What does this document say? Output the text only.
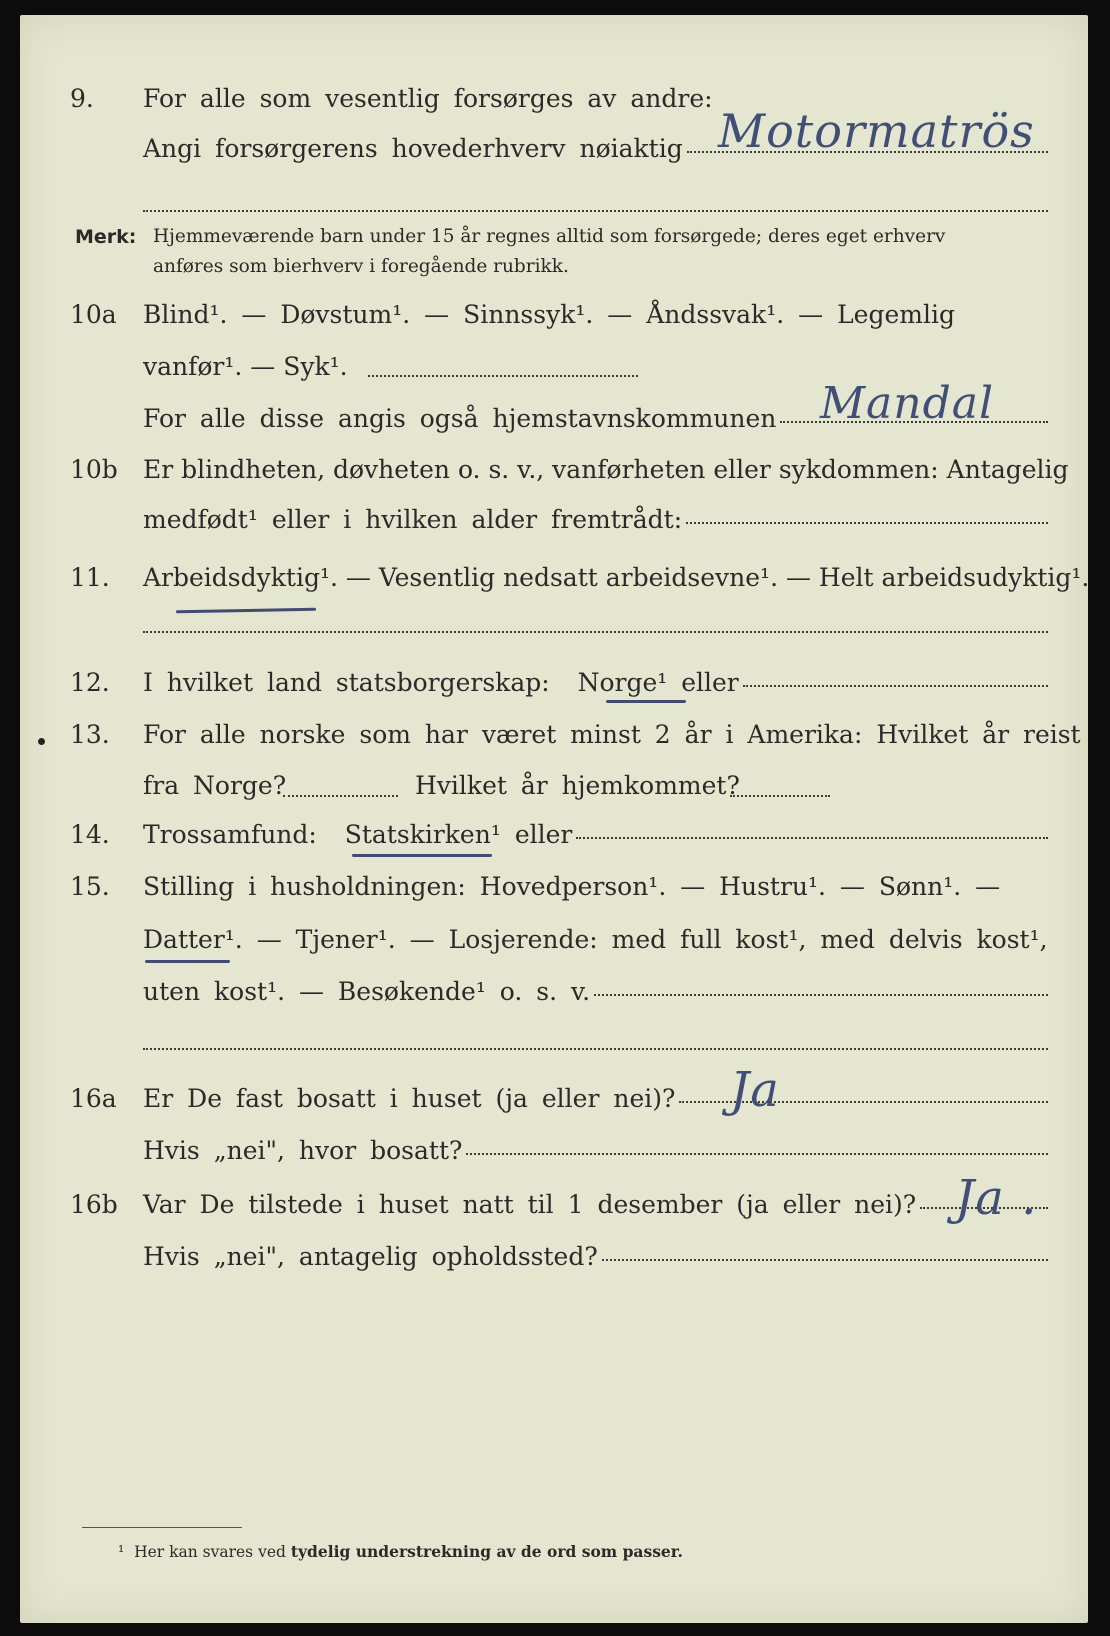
9. For alle som vesentlig forsørges av andre:
Angi forsørgerens hovederhverv nøiaktig Motormatrös
Merk: Hjemmeværende barn under 15 år regnes alltid som forsørgede; deres eget erhverv
anføres som bierhverv i foregående rubrikk.
10a Blind¹. — Døvstum¹. — Sinnssyk¹. — Åndssvak¹. — Legemlig
vanfør¹. — Syk¹.
For alle disse angis også hjemstavnskommunen Mandal
10b Er blindheten, døvheten o. s. v., vanførheten eller sykdommen: Antagelig
medfødt¹ eller i hvilken alder fremtrådt:
11. Arbeidsdyktig¹. — Vesentlig nedsatt arbeidsevne¹. — Helt arbeidsudyktig¹.
12. I hvilket land statsborgerskap:
Norge¹
eller
13. For alle norske som har været minst 2 år i Amerika: Hvilket år reist
fra Norge?	Hvilket år hjemkommet?
14. Trossamfund:
Statskirken¹
eller
15. Stilling i husholdningen: Hovedperson¹. — Hustru¹. — Sønn¹. —
Datter¹.
— Tjener¹. — Losjerende: med full kost¹, med delvis kost¹,
uten kost¹. — Besøkende¹ o. s. v.
16a Er De fast bosatt i huset (ja eller nei)? Ja
Hvis „nei", hvor bosatt?
16b Var De tilstede i huset natt til 1 desember (ja eller nei)? Ja .
Hvis „nei", antagelig opholdssted?
¹ Her kan svares ved tydelig understrekning av de ord som passer.
